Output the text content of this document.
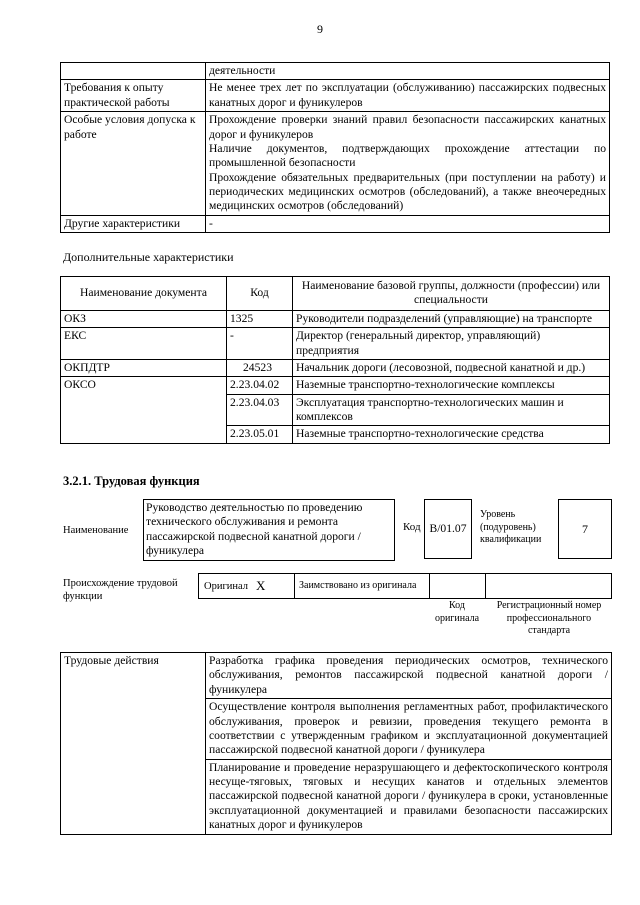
9
	деятельности
Требования к опыту практической работы	Не менее трех лет по эксплуатации (обслуживанию) пассажирских подвесных канатных дорог и фуникулеров
Особые условия допуска к работе	Прохождение проверки знаний правил безопасности пассажирских канатных дорог и фуникулеров
Наличие документов, подтверждающих прохождение аттестации по промышленной безопасности
Прохождение обязательных предварительных (при поступлении на работу) и периодических медицинских осмотров (обследований), а также внеочередных медицинских осмотров (обследований)

Другие характеристики	-
Дополнительные характеристики
Наименование документа	Код	Наименование базовой группы, должности (профессии) или специальности
ОКЗ	1325	Руководители подразделений (управляющие) на транспорте
ЕКС	-	Директор (генеральный директор, управляющий) предприятия
ОКПДТР	24523	Начальник дороги (лесовозной, подвесной канатной и др.)
ОКСО	2.23.04.02	Наземные транспортно-технологические комплексы
	2.23.04.03	Эксплуатация транспортно-технологических машин и комплексов
	2.23.05.01	Наземные транспортно-технологические средства
3.2.1. Трудовая функция
Наименование
Руководство деятельностью по проведению технического обслуживания и ремонта пассажирской подвесной канатной дороги / фуникулера
Код B/01.07
Уровень (подуровень) квалификации
7
Происхождение трудовой функции
Оригинал X	Заимствовано из оригинала
Код оригинала
Регистрационный номер профессионального стандарта
Трудовые действия	Разработка графика проведения периодических осмотров, технического обслуживания, ремонтов пассажирской подвесной канатной дороги / фуникулера
Осуществление контроля выполнения регламентных работ, профилактического обслуживания, проверок и ревизии, проведения текущего ремонта в соответствии с утвержденным графиком и эксплуатационной документацией пассажирской подвесной канатной дороги / фуникулера
Планирование и проведение неразрушающего и дефектоскопического контроля несуще-тяговых, тяговых и несущих канатов и отдельных элементов пассажирской подвесной канатной дороги / фуникулера в сроки, установленные эксплуатационной документацией и правилами безопасности пассажирских канатных дорог и фуникулеров
